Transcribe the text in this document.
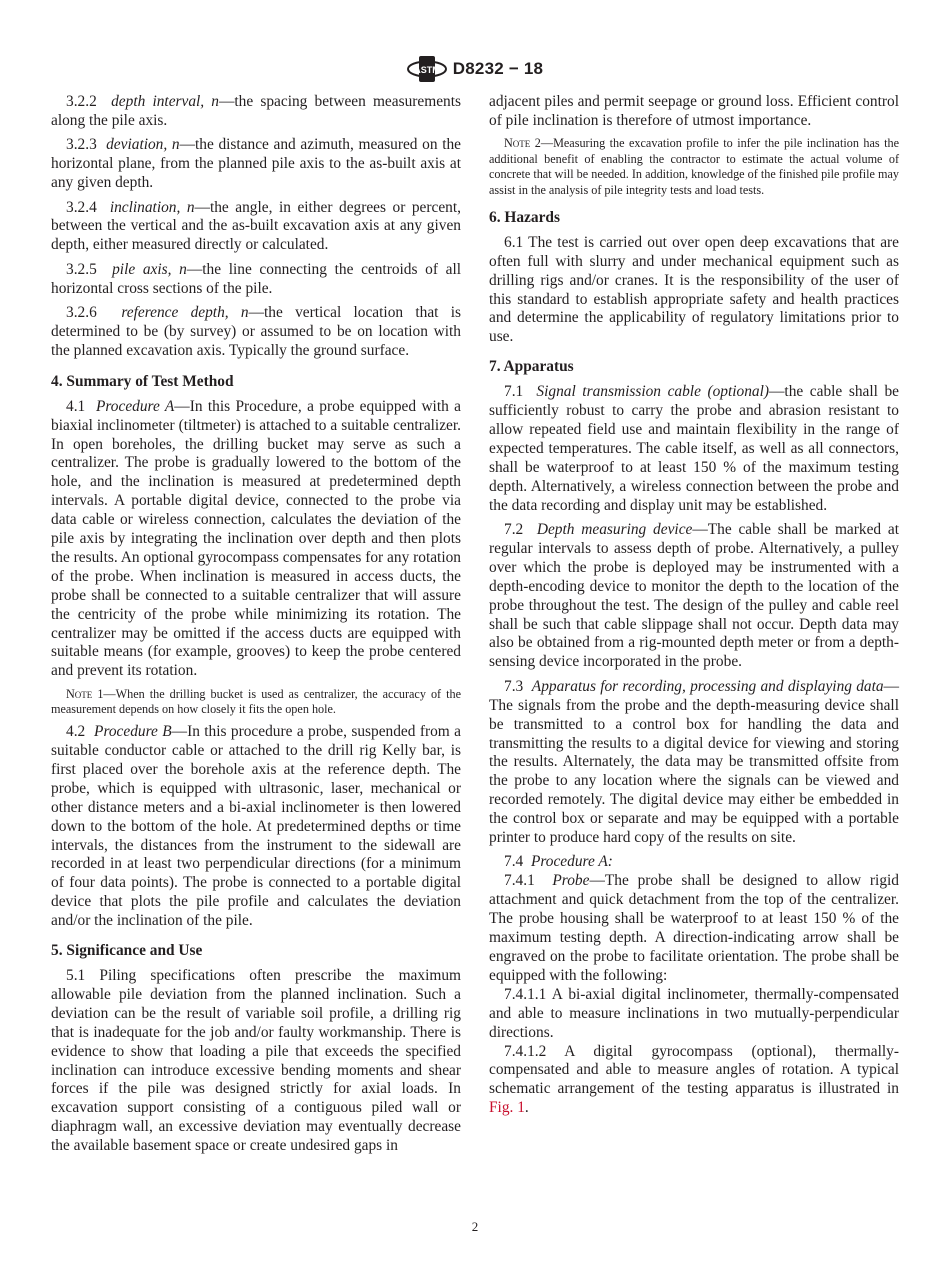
ASTM D8232 − 18

3.2.2 depth interval, n—the spacing between measurements along the pile axis.

3.2.3 deviation, n—the distance and azimuth, measured on the horizontal plane, from the planned pile axis to the as-built axis at any given depth.

3.2.4 inclination, n—the angle, in either degrees or percent, between the vertical and the as-built excavation axis at any given depth, either measured directly or calculated.

3.2.5 pile axis, n—the line connecting the centroids of all horizontal cross sections of the pile.

3.2.6 reference depth, n—the vertical location that is determined to be (by survey) or assumed to be on location with the planned excavation axis. Typically the ground surface.

4. Summary of Test Method

4.1 Procedure A—In this Procedure, a probe equipped with a biaxial inclinometer (tiltmeter) is attached to a suitable centralizer. In open boreholes, the drilling bucket may serve as such a centralizer. The probe is gradually lowered to the bottom of the hole, and the inclination is measured at predetermined depth intervals. A portable digital device, connected to the probe via data cable or wireless connection, calculates the deviation of the pile axis by integrating the inclination over depth and then plots the results. An optional gyrocompass compensates for any rotation of the probe. When inclination is measured in access ducts, the probe shall be connected to a suitable centralizer that will assure the centricity of the probe while minimizing its rotation. The centralizer may be omitted if the access ducts are equipped with suitable means (for example, grooves) to keep the probe centered and prevent its rotation.

Note 1—When the drilling bucket is used as centralizer, the accuracy of the measurement depends on how closely it fits the open hole.

4.2 Procedure B—In this procedure a probe, suspended from a suitable conductor cable or attached to the drill rig Kelly bar, is first placed over the borehole axis at the reference depth. The probe, which is equipped with ultrasonic, laser, mechanical or other distance meters and a bi-axial inclinometer is then lowered down to the bottom of the hole. At predetermined depths or time intervals, the distances from the instrument to the sidewall are recorded in at least two perpendicular directions (for a minimum of four data points). The probe is connected to a portable digital device that plots the pile profile and calculates the deviation and/or the inclination of the pile.

5. Significance and Use

5.1 Piling specifications often prescribe the maximum allowable pile deviation from the planned inclination. Such a deviation can be the result of variable soil profile, a drilling rig that is inadequate for the job and/or faulty workmanship. There is evidence to show that loading a pile that exceeds the specified inclination can introduce excessive bending moments and shear forces if the pile was designed strictly for axial loads. In excavation support consisting of a contiguous piled wall or diaphragm wall, an excessive deviation may eventually decrease the available basement space or create undesired gaps in

adjacent piles and permit seepage or ground loss. Efficient control of pile inclination is therefore of utmost importance.

Note 2—Measuring the excavation profile to infer the pile inclination has the additional benefit of enabling the contractor to estimate the actual volume of concrete that will be needed. In addition, knowledge of the finished pile profile may assist in the analysis of pile integrity tests and load tests.

6. Hazards

6.1 The test is carried out over open deep excavations that are often full with slurry and under mechanical equipment such as drilling rigs and/or cranes. It is the responsibility of the user of this standard to establish appropriate safety and health practices and determine the applicability of regulatory limitations prior to use.

7. Apparatus

7.1 Signal transmission cable (optional)—the cable shall be sufficiently robust to carry the probe and abrasion resistant to allow repeated field use and maintain flexibility in the range of expected temperatures. The cable itself, as well as all connectors, shall be waterproof to at least 150 % of the maximum testing depth. Alternatively, a wireless connection between the probe and the data recording and display unit may be established.

7.2 Depth measuring device—The cable shall be marked at regular intervals to assess depth of probe. Alternatively, a pulley over which the probe is deployed may be instrumented with a depth-encoding device to monitor the depth to the location of the probe throughout the test. The design of the pulley and cable reel shall be such that cable slippage shall not occur. Depth data may also be obtained from a rig-mounted depth meter or from a depth-sensing device incorporated in the probe.

7.3 Apparatus for recording, processing and displaying data—The signals from the probe and the depth-measuring device shall be transmitted to a control box for handling the data and transmitting the results to a digital device for viewing and storing the results. Alternately, the data may be transmitted offsite from the probe to any location where the signals can be viewed and recorded remotely. The digital device may either be embedded in the control box or separate and may be equipped with a portable printer to produce hard copy of the results on site.

7.4 Procedure A:

7.4.1 Probe—The probe shall be designed to allow rigid attachment and quick detachment from the top of the centralizer. The probe housing shall be waterproof to at least 150 % of the maximum testing depth. A direction-indicating arrow shall be engraved on the probe to facilitate orientation. The probe shall be equipped with the following:

7.4.1.1 A bi-axial digital inclinometer, thermally-compensated and able to measure inclinations in two mutually-perpendicular directions.

7.4.1.2 A digital gyrocompass (optional), thermally-compensated and able to measure angles of rotation. A typical schematic arrangement of the testing apparatus is illustrated in Fig. 1.

2
